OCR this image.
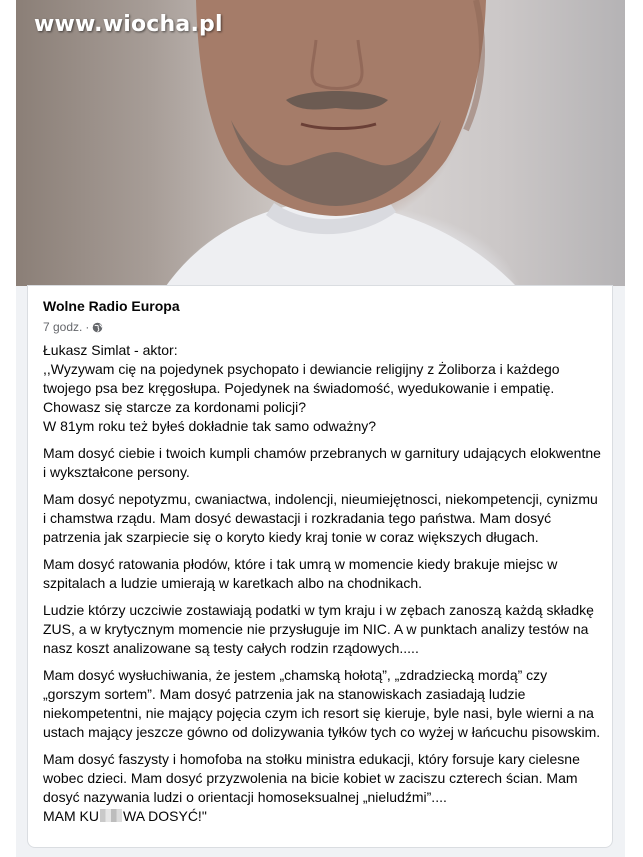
www.wiocha.pl
Wolne Radio Europa
7 godz. ·

Łukasz Simlat - aktor:
,,Wyzywam cię na pojedynek psychopato i dewiancie religijny z Żoliborza i każdego twojego psa bez kręgosłupa. Pojedynek na świadomość, wyedukowanie i empatię.
Chowasz się starcze za kordonami policji?
W 81ym roku też byłeś dokładnie tak samo odważny?

Mam dosyć ciebie i twoich kumpli chamów przebranych w garnitury udających elokwentne i wykształcone persony.

Mam dosyć nepotyzmu, cwaniactwa, indolencji, nieumiejętnosci, niekompetencji, cynizmu i chamstwa rządu. Mam dosyć dewastacji i rozkradania tego państwa. Mam dosyć patrzenia jak szarpiecie się o koryto kiedy kraj tonie w coraz większych długach.

Mam dosyć ratowania płodów, które i tak umrą w momencie kiedy brakuje miejsc w szpitalach a ludzie umierają w karetkach albo na chodnikach.

Ludzie którzy uczciwie zostawiają podatki w tym kraju i w zębach zanoszą każdą składkę ZUS, a w krytycznym momencie nie przysługuje im NIC. A w punktach analizy testów na nasz koszt analizowane są testy całych rodzin rządowych.....

Mam dosyć wysłuchiwania, że jestem „chamską hołotą”, „zdradziecką mordą” czy „gorszym sortem”. Mam dosyć patrzenia jak na stanowiskach zasiadają ludzie niekompetentni, nie mający pojęcia czym ich resort się kieruje, byle nasi, byle wierni a na ustach mający jeszcze gówno od dolizywania tyłków tych co wyżej w łańcuchu pisowskim.

Mam dosyć faszysty i homofoba na stołku ministra edukacji, który forsuje kary cielesne wobec dzieci. Mam dosyć przyzwolenia na bicie kobiet w zaciszu czterech ścian. Mam dosyć nazywania ludzi o orientacji homoseksualnej „nieludźmi”....

MAM KU WA DOSYĆ!"
